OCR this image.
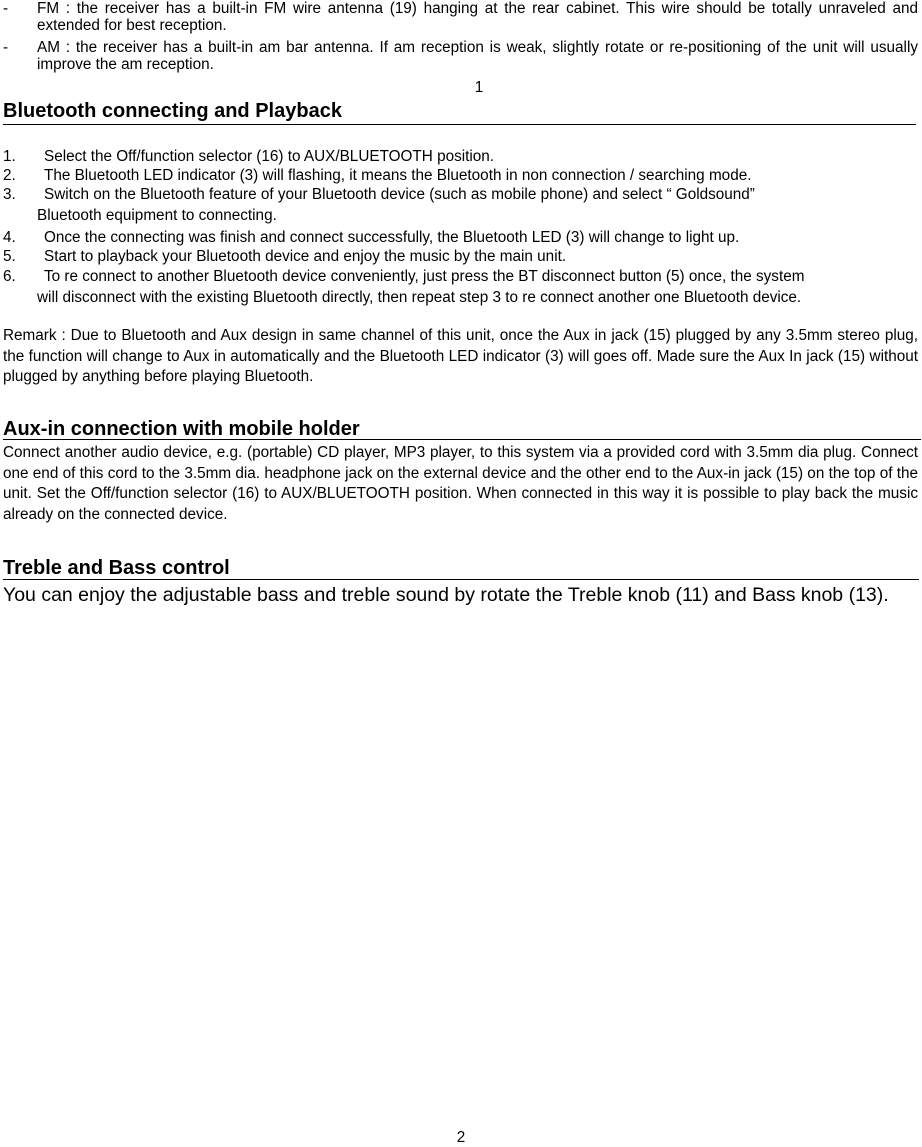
- FM : the receiver has a built-in FM wire antenna (19) hanging at the rear cabinet. This wire should be totally unraveled and extended for best reception.
- AM : the receiver has a built-in am bar antenna. If am reception is weak, slightly rotate or re-positioning of the unit will usually improve the am reception.
1
Bluetooth connecting and Playback
1. Select the Off/function selector (16) to AUX/BLUETOOTH position.
2. The Bluetooth LED indicator (3) will flashing, it means the Bluetooth in non connection / searching mode.
3. Switch on the Bluetooth feature of your Bluetooth device (such as mobile phone) and select “ Goldsound”
Bluetooth equipment to connecting.
4. Once the connecting was finish and connect successfully, the Bluetooth LED (3) will change to light up.
5. Start to playback your Bluetooth device and enjoy the music by the main unit.
6. To re connect to another Bluetooth device conveniently, just press the BT disconnect button (5) once, the system
will disconnect with the existing Bluetooth directly, then repeat step 3 to re connect another one Bluetooth device.
Remark : Due to Bluetooth and Aux design in same channel of this unit, once the Aux in jack (15) plugged by any 3.5mm stereo plug, the function will change to Aux in automatically and the Bluetooth LED indicator (3) will goes off. Made sure the Aux In jack (15) without plugged by anything before playing Bluetooth.
Aux-in connection with mobile holder
Connect another audio device, e.g. (portable) CD player, MP3 player, to this system via a provided cord with 3.5mm dia plug. Connect one end of this cord to the 3.5mm dia. headphone jack on the external device and the other end to the Aux-in jack (15) on the top of the unit. Set the Off/function selector (16) to AUX/BLUETOOTH position. When connected in this way it is possible to play back the music already on the connected device.
Treble and Bass control
You can enjoy the adjustable bass and treble sound by rotate the Treble knob (11) and Bass knob (13).
2
